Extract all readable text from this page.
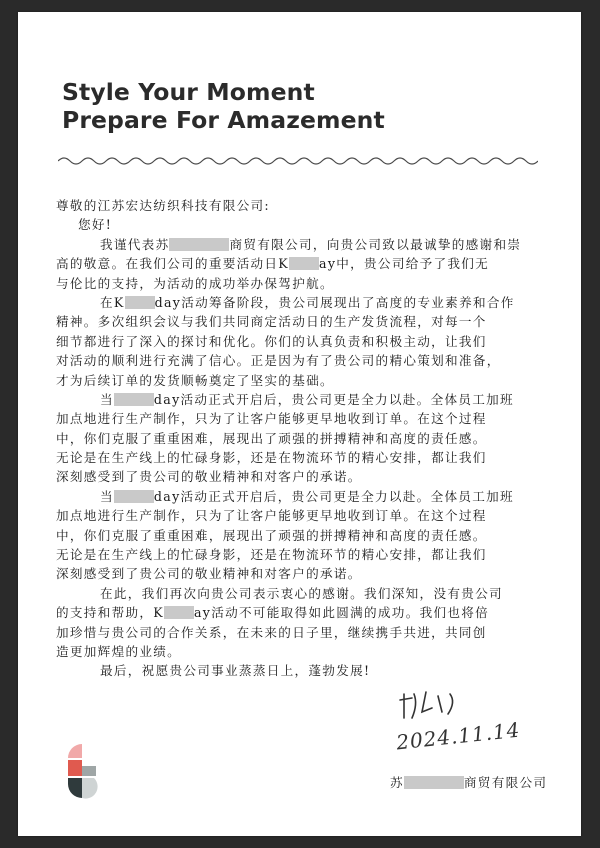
Style Your Moment
Prepare For Amazement
尊敬的江苏宏达纺织科技有限公司:
您好!
我谨代表苏	商贸有限公司，向贵公司致以最诚挚的感谢和崇
高的敬意。在我们公司的重要活动日K ay中，贵公司给予了我们无
与伦比的支持，为活动的成功举办保驾护航。
在K day活动筹备阶段，贵公司展现出了高度的专业素养和合作
精神。多次组织会议与我们共同商定活动日的生产发货流程，对每一个
细节都进行了深入的探讨和优化。你们的认真负责和积极主动，让我们
对活动的顺利进行充满了信心。正是因为有了贵公司的精心策划和准备，
才为后续订单的发货顺畅奠定了坚实的基础。
当	day活动正式开启后，贵公司更是全力以赴。全体员工加班
加点地进行生产制作，只为了让客户能够更早地收到订单。在这个过程
中，你们克服了重重困难，展现出了顽强的拼搏精神和高度的责任感。
无论是在生产线上的忙碌身影，还是在物流环节的精心安排，都让我们
深刻感受到了贵公司的敬业精神和对客户的承诺。
当	day活动正式开启后，贵公司更是全力以赴。全体员工加班
加点地进行生产制作，只为了让客户能够更早地收到订单。在这个过程
中，你们克服了重重困难，展现出了顽强的拼搏精神和高度的责任感。
无论是在生产线上的忙碌身影，还是在物流环节的精心安排，都让我们
深刻感受到了贵公司的敬业精神和对客户的承诺。
在此，我们再次向贵公司表示衷心的感谢。我们深知，没有贵公司
的支持和帮助，K ay活动不可能取得如此圆满的成功。我们也将倍
加珍惜与贵公司的合作关系，在未来的日子里，继续携手共进，共同创
造更加辉煌的业绩。
最后，祝愿贵公司事业蒸蒸日上，蓬勃发展!
2024.11.14
苏	商贸有限公司
